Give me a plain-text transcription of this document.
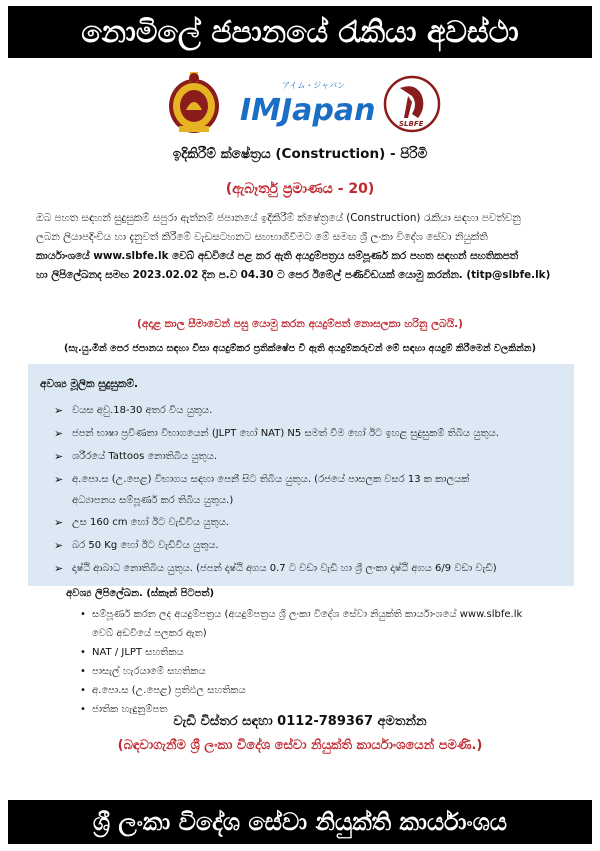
නොමිලේ ජපානයේ රැකියා අවස්ථා
アイム・ジャパン
IMJapan	SLBFE
ඉදිකිරීම් ක්ෂේත්‍රය (Construction) - පිරිමි
(ඇබෑර්තු ප්‍රමාණය - 20)
ඔබ පහත සඳහන් සුදුසුකම් සපුරා ඇත්නම් ජපානයේ ඉදිකිරීම් ක්ෂේත්‍රයේ (Construction) රැකියා සඳහා පවත්වනු
ලබන ලියාපදිංචිය හා දැනුවත් කිරීමේ වැඩසටහනට සහභාගිවීමට මේ සමඟ ශ්‍රී ලංකා විදේශ සේවා නියුක්ති
කාර්යාංශයේ www.slbfe.lk වෙබ් අඩවියේ පළ කර ඇති අයදුම්පත්‍රය සම්පූර්ණ කර පහත සඳහන් සහතිකපත්
හා ලිපිලේඛනද සමඟ 2023.02.02 දින ප.ව 04.30 ට පෙර ඊමේල් පණිවිඩයක් යොමු කරන්න. (titp@slbfe.lk)
(අදාළ කාල සීමාවෙන් පසු යොමු කරන අයදුම්පත් නොසලකා හරිනු ලබයි.)
(සැ.යු.මින් පෙර ජපානය සඳහා වීසා අයදුම්කර ප්‍රතික්ෂේප වී ඇති අයදුම්කරුවන් මේ සඳහා අයදුම් කිරීමෙන් වලකින්න)
අවශ්‍ය මූලික සුදුසුකම්.
➢ වයස අවු.18-30 අතර විය යුතුය.
➢ ජපන් භාෂා ප්‍රවීණතා විභාගයෙන් (JLPT හෝ NAT) N5 සමත් වීම හෝ ඊට ඉහළ සුදුසුකම් තිබිය යුතුය.
➢ ශරීරයේ Tattoos නොතිබිය යුතුය.
➢ අ.පො.ස (උ.පෙළ) විභාගය සඳහා පෙනී සිට තිබිය යුතුය. (රජයේ පාසලක වසර 13 ක කාලයක්
අධ්‍යාපනය සම්පූර්ණ කර තිබිය යුතුය.)
➢ උස 160 cm හෝ ඊට වැඩිවිය යුතුය.
➢ බර 50 Kg හෝ ඊට වැඩිවිය යුතුය.
➢ දෘෂ්ඨි ආබාධ නොතිබිය යුතුය. (ජපන් දෘෂ්ඨි අගය 0.7 ට වඩා වැඩි හා ශ්‍රී ලංකා දෘෂ්ඨි අගය 6/9 වඩා වැඩි)
අවශ්‍ය ලිපිලේඛන. (ස්කෑන් පිටපත්)
• සම්පූර්ණ කරන ලද අයදුම්පත්‍රය (අයදුම්පත්‍රය ශ්‍රී ලංකා විදේශ සේවා නියුක්ති කාර්යාංශයේ www.slbfe.lk
වෙබ් අඩවියේ පලකර ඇත)
• NAT / JLPT සහතිකය
• පාසැල් හැරයාමේ සහතිකය
• අ.පො.ස (උ.පෙළ) ප්‍රතිඵල සහතිකය
• ජාතික හැඳුනුම්පත
වැඩි විස්තර සඳහා 0112-789367 අමතන්න
(බඳවාගැනීම ශ්‍රී ලංකා විදේශ සේවා නියුක්ති කාර්යාංශයෙන් පමණි.)
ශ්‍රී ලංකා විදේශ සේවා නියුක්ති කාර්යාංශය
